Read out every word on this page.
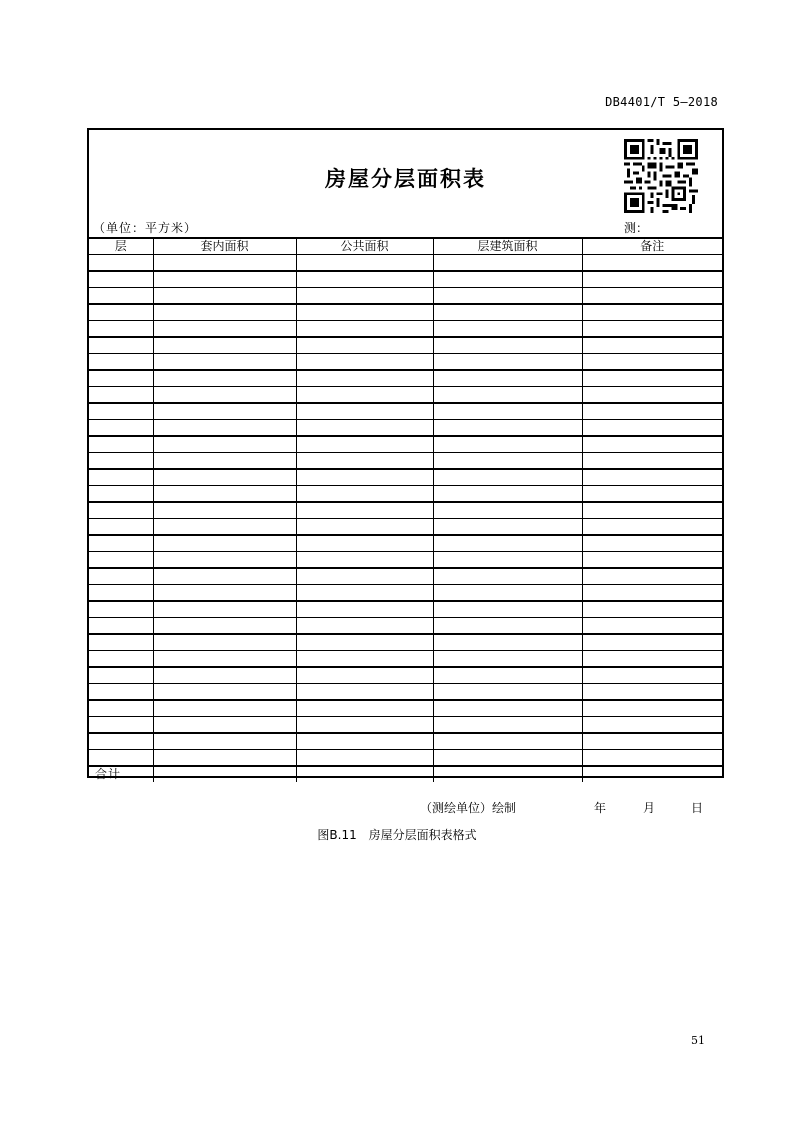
DB4401/T 5—2018
房屋分层面积表
（单位：平方米）	测：
层	套内面积	公共面积	层建筑面积	备注

合计				
（测绘单位）绘制	年	月	日
图B.11 房屋分层面积表格式
51
